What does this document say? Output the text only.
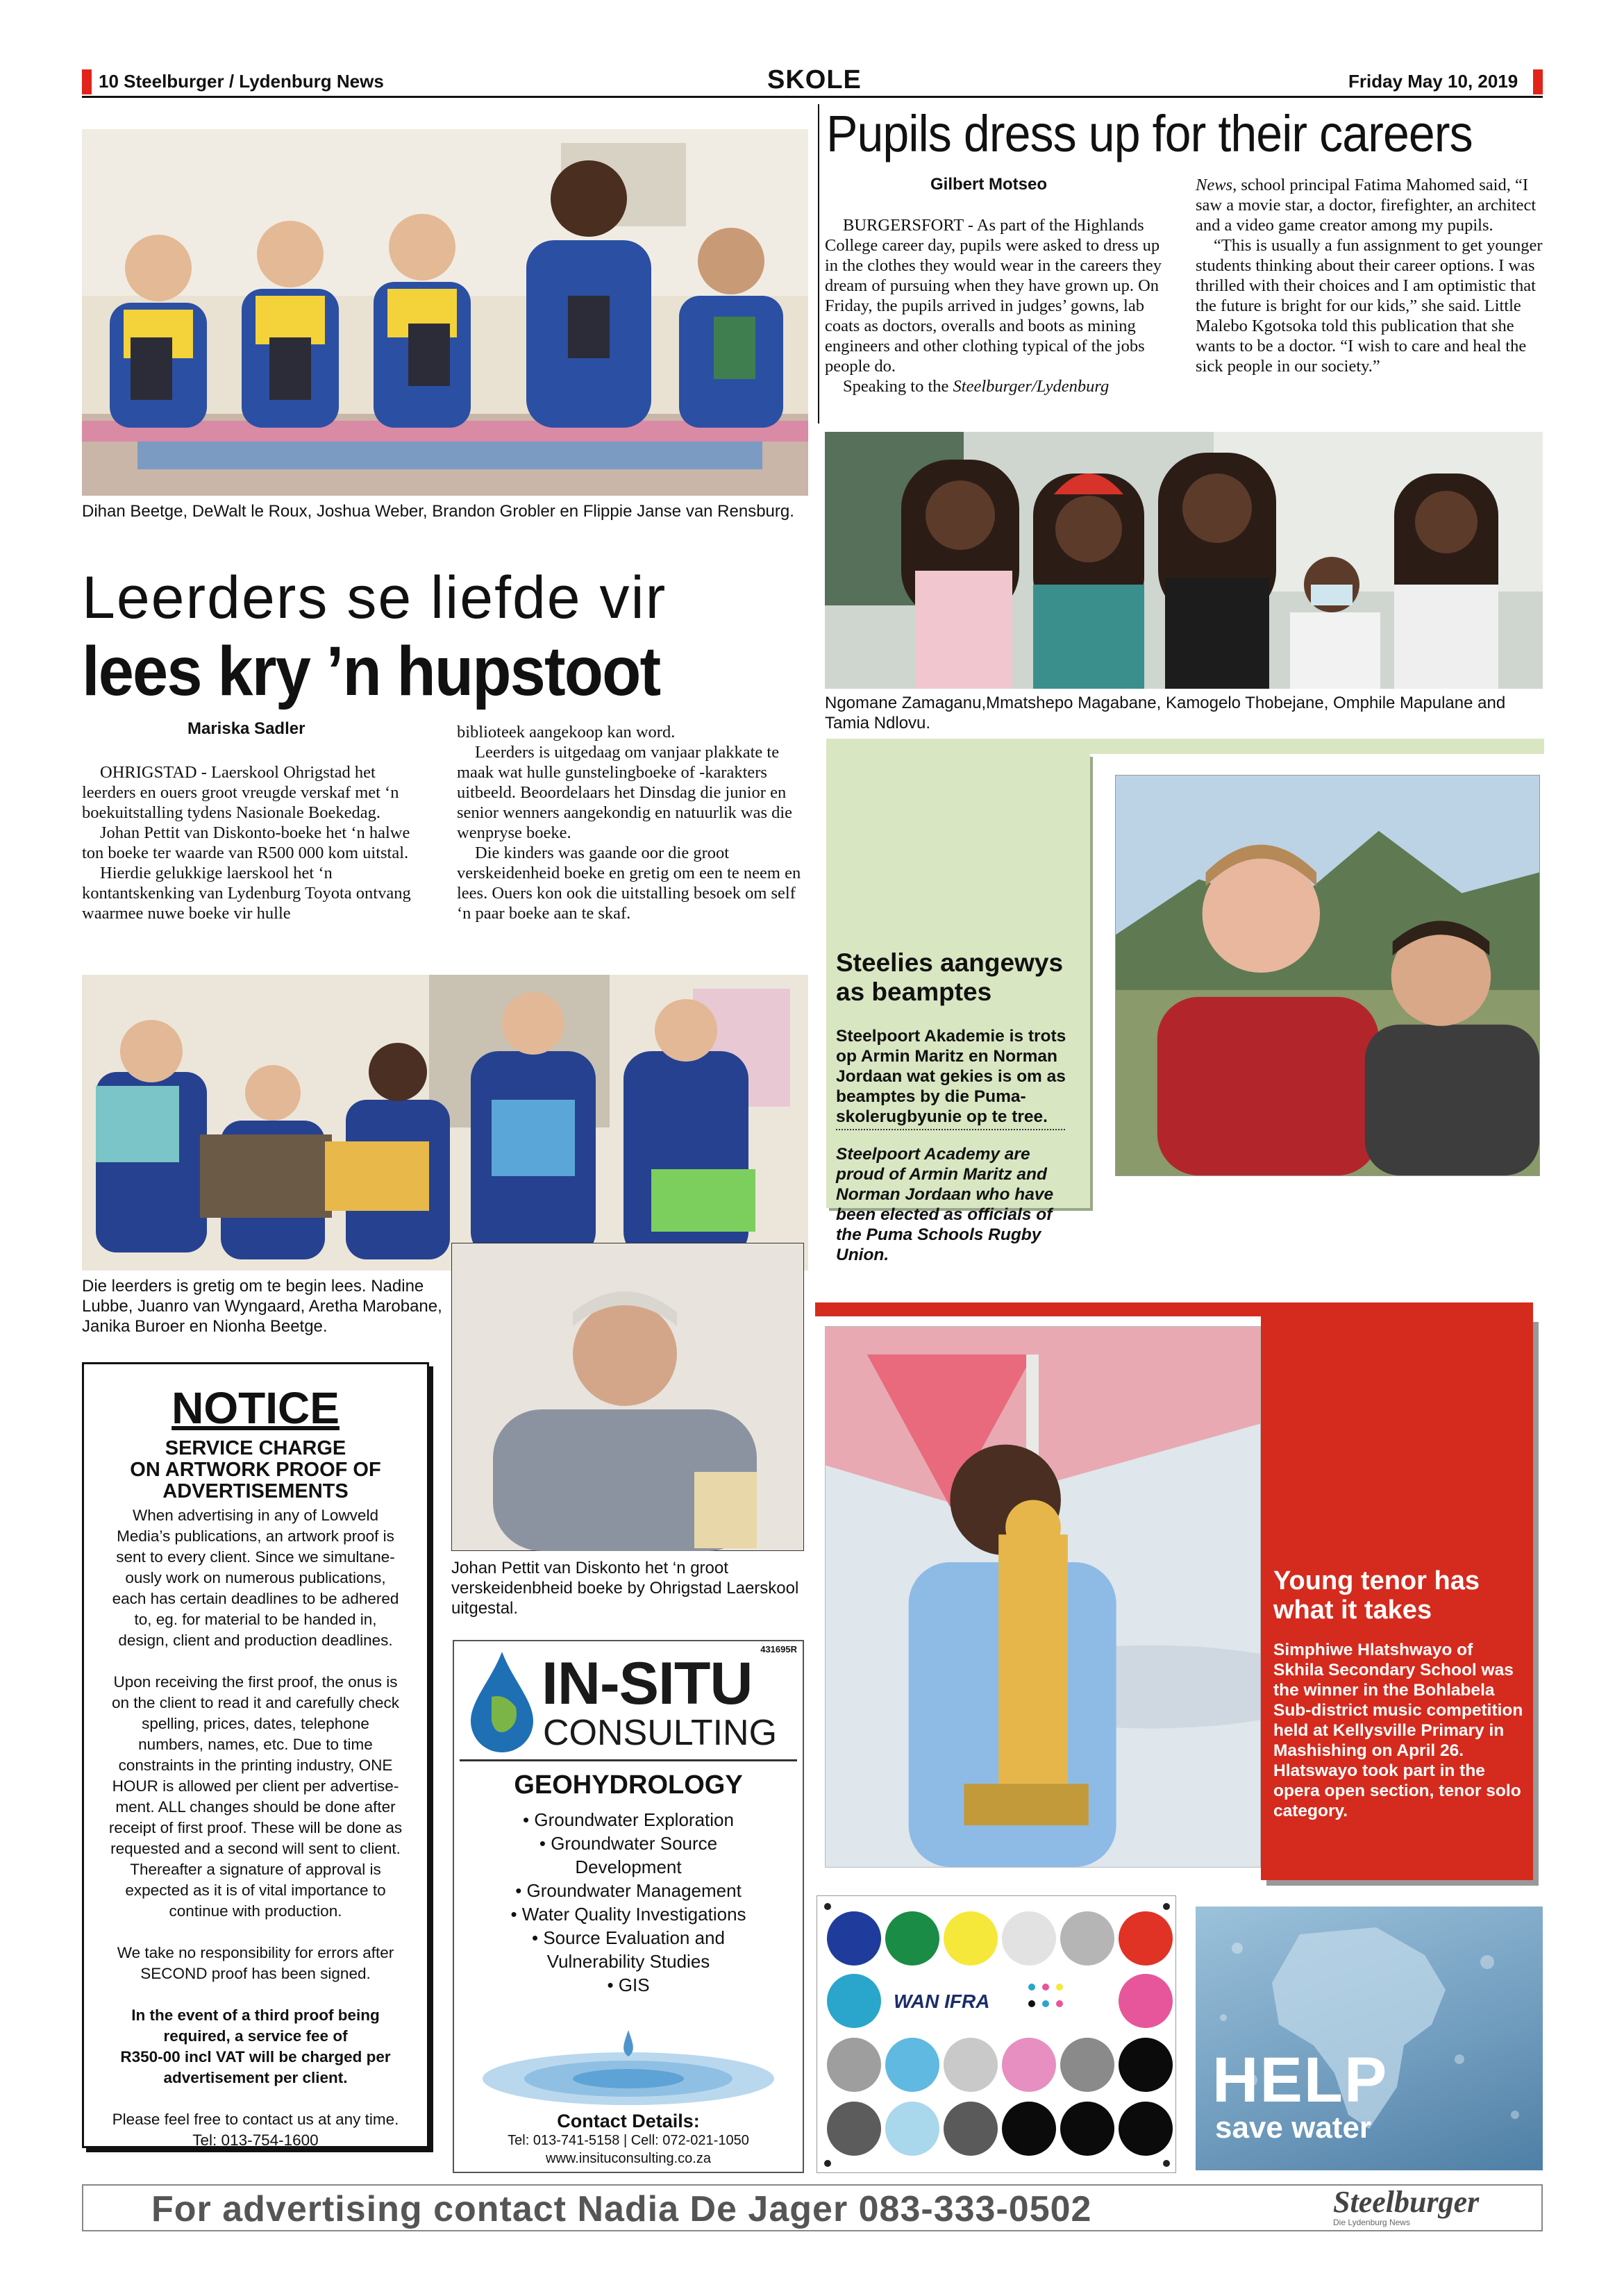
10 Steelburger / Lydenburg News	SKOLE	Friday May 10, 2019
Dihan Beetge, DeWalt le Roux, Joshua Weber, Brandon Grobler en Flippie Janse van Rensburg.
Leerders se liefde vir
lees kry ’n hupstoot
Mariska Sadler

OHRIGSTAD - Laerskool Ohrigstad het leerders en ouers groot vreugde verskaf met ‘n boekuitstalling tydens Nasionale Boekedag.

Johan Pettit van Diskonto-boeke het ‘n halwe ton boeke ter waarde van R500 000 kom uitstal.

Hierdie gelukkige laerskool het ‘n kontantskenking van Lydenburg Toyota ontvang waarmee nuwe boeke vir hulle

biblioteek aangekoop kan word.

Leerders is uitgedaag om vanjaar plakkate te maak wat hulle gunstelingboeke of -karakters uitbeeld. Beoordelaars het Dinsdag die junior en senior wenners aangekondig en natuurlik was die wenpryse boeke.

Die kinders was gaande oor die groot verskeidenheid boeke en gretig om een te neem en lees. Ouers kon ook die uitstalling besoek om self ‘n paar boeke aan te skaf.

Die leerders is gretig om te begin lees. Nadine Lubbe, Juanro van Wyngaard, Aretha Marobane, Janika Buroer en Nionha Beetge.
Johan Pettit van Diskonto het ‘n groot verskeidenbheid boeke by Ohrigstad Laerskool uitgestal.
NOTICE
SERVICE CHARGE
ON ARTWORK PROOF OF
ADVERTISEMENTS

When advertising in any of Lowveld

Media’s publications, an artwork proof is

sent to every client. Since we simultane-

ously work on numerous publications,

each has certain deadlines to be adhered

to, eg. for material to be handed in,

design, client and production deadlines.

Upon receiving the first proof, the onus is

on the client to read it and carefully check

spelling, prices, dates, telephone

numbers, names, etc. Due to time

constraints in the printing industry, ONE

HOUR is allowed per client per advertise-

ment. ALL changes should be done after

receipt of first proof. These will be done as

requested and a second will sent to client.

Thereafter a signature of approval is

expected as it is of vital importance to

continue with production.

We take no responsibility for errors after

SECOND proof has been signed.

In the event of a third proof being

required, a service fee of

R350-00 incl VAT will be charged per

advertisement per client.

Please feel free to contact us at any time.

Tel: 013-754-1600

431695R
IN-SITU
CONSULTING
GEOHYDROLOGY
• Groundwater Exploration
• Groundwater Source
Development
• Groundwater Management
• Water Quality Investigations
• Source Evaluation and
Vulnerability Studies
• GIS
Contact Details:
Tel: 013-741-5158 | Cell: 072-021-1050
www.insituconsulting.co.za
Pupils dress up for their careers
Gilbert Motseo

BURGERSFORT - As part of the Highlands College career day, pupils were asked to dress up in the clothes they would wear in the careers they dream of pursuing when they have grown up. On Friday, the pupils arrived in judges’ gowns, lab coats as doctors, overalls and boots as mining engineers and other clothing typical of the jobs people do.

Speaking to the Steelburger/Lydenburg

News, school principal Fatima Mahomed said, “I saw a movie star, a doctor, firefighter, an architect and a video game creator among my pupils.

“This is usually a fun assignment to get younger students thinking about their career options. I was thrilled with their choices and I am optimistic that the future is bright for our kids,” she said. Little Malebo Kgotsoka told this publication that she wants to be a doctor. “I wish to care and heal the sick people in our society.”

Ngomane Zamaganu,Mmatshepo Magabane, Kamogelo Thobejane, Omphile Mapulane and Tamia Ndlovu.
Steelies aangewys as beamptes
Steelpoort Akademie is trots op Armin Maritz en Norman Jordaan wat gekies is om as beamptes by die Puma-skolerugbyunie op te tree.
Steelpoort Academy are proud of Armin Maritz and Norman Jordaan who have been elected as officials of the Puma Schools Rugby Union.
Young tenor has what it takes
Simphiwe Hlatshwayo of Skhila Secondary School was the winner in the Bohlabela Sub-district music competition held at Kellysville Primary in Mashishing on April 26. Hlatswayo took part in the opera open section, tenor solo category.
WAN IFRA
HELP
save water
For advertising contact Nadia De Jager 083-333-0502	Steelburger
Die Lydenburg News
